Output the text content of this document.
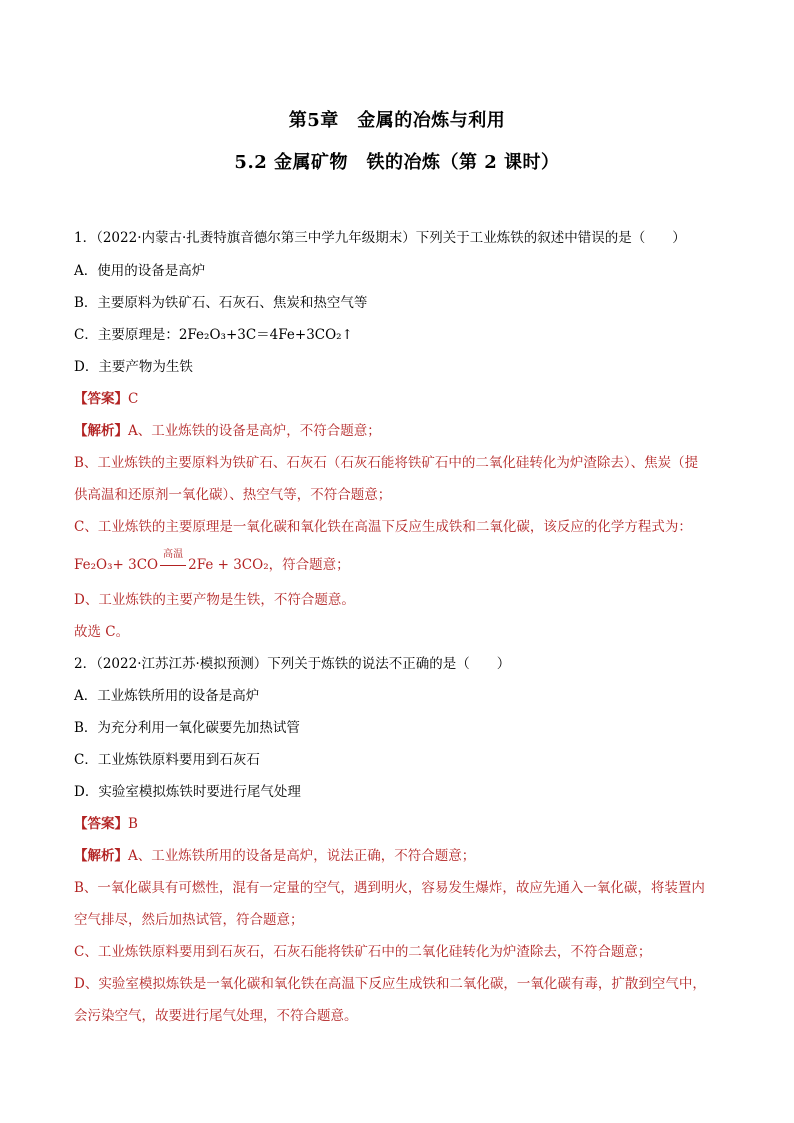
第5章　金属的冶炼与利用
5.2 金属矿物　铁的冶炼（第 2 课时）
1．（2022·内蒙古·扎赉特旗音德尔第三中学九年级期末）下列关于工业炼铁的叙述中错误的是（　　）
A．使用的设备是高炉
B．主要原料为铁矿石、石灰石、焦炭和热空气等
C．主要原理是：2Fe₂O₃+3C＝4Fe+3CO₂↑
D．主要产物为生铁
【答案】C
【解析】A、工业炼铁的设备是高炉，不符合题意；
B、工业炼铁的主要原料为铁矿石、石灰石（石灰石能将铁矿石中的二氧化硅转化为炉渣除去）、焦炭（提
供高温和还原剂一氧化碳）、热空气等，不符合题意；
C、工业炼铁的主要原理是一氧化碳和氧化铁在高温下反应生成铁和二氧化碳，该反应的化学方程式为：
Fe₂O₃+ 3CO
高温
2Fe + 3CO₂，符合题意；
D、工业炼铁的主要产物是生铁，不符合题意。
故选 C。
2．（2022·江苏江苏·模拟预测）下列关于炼铁的说法不正确的是（　　）
A．工业炼铁所用的设备是高炉
B．为充分利用一氧化碳要先加热试管
C．工业炼铁原料要用到石灰石
D．实验室模拟炼铁时要进行尾气处理
【答案】B
【解析】A、工业炼铁所用的设备是高炉，说法正确，不符合题意；
B、一氧化碳具有可燃性，混有一定量的空气，遇到明火，容易发生爆炸，故应先通入一氧化碳，将装置内
空气排尽，然后加热试管，符合题意；
C、工业炼铁原料要用到石灰石，石灰石能将铁矿石中的二氧化硅转化为炉渣除去，不符合题意；
D、实验室模拟炼铁是一氧化碳和氧化铁在高温下反应生成铁和二氧化碳，一氧化碳有毒，扩散到空气中，
会污染空气，故要进行尾气处理，不符合题意。
